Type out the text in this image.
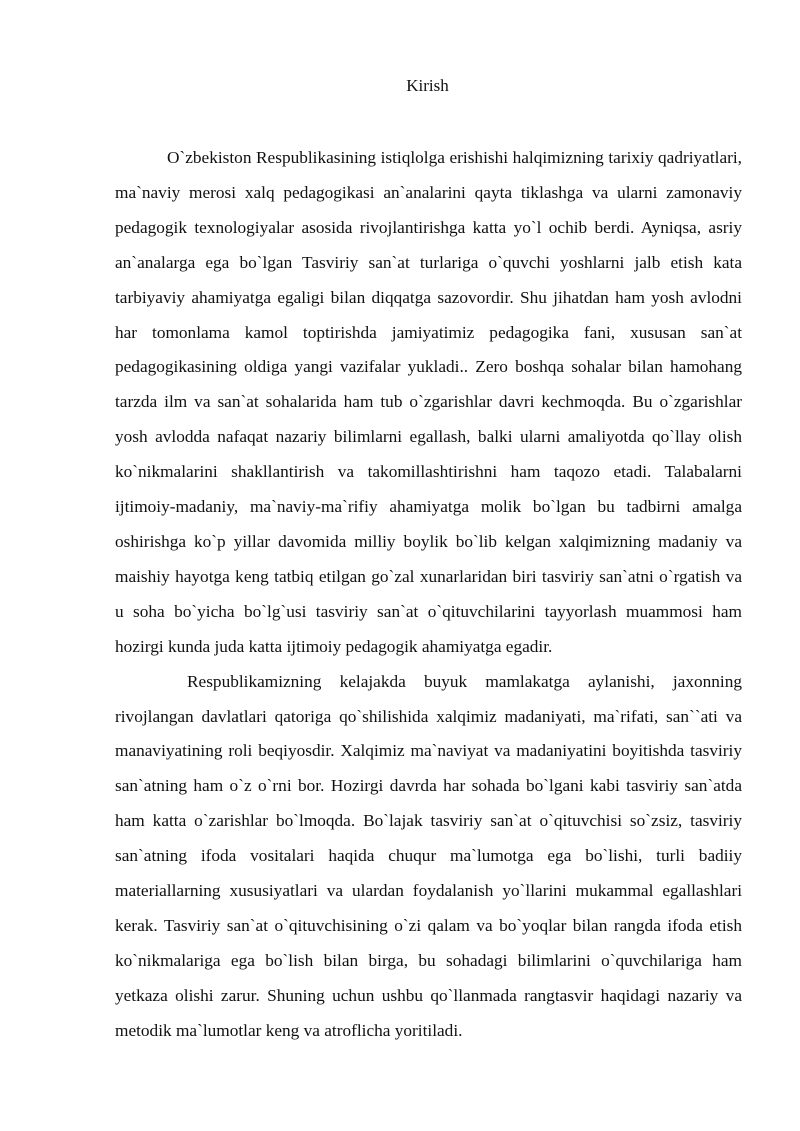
Kirish

O`zbekiston Respublikasining istiqlolga erishishi halqimizning tarixiy qadriyatlari, ma`naviy merosi xalq pedagogikasi an`analarini qayta tiklashga va ularni zamonaviy pedagogik texnologiyalar asosida rivojlantirishga katta yo`l ochib berdi. Ayniqsa, asriy an`analarga ega bo`lgan Tasviriy san`at turlariga o`quvchi yoshlarni jalb etish kata tarbiyaviy ahamiyatga egaligi bilan diqqatga sazovordir. Shu jihatdan ham yosh avlodni har tomonlama kamol toptirishda jamiyatimiz pedagogika fani, xususan san`at pedagogikasining oldiga yangi vazifalar yukladi.. Zero boshqa sohalar bilan hamohang tarzda ilm va san`at sohalarida ham tub o`zgarishlar davri kechmoqda. Bu o`zgarishlar yosh avlodda nafaqat nazariy bilimlarni egallash, balki ularni amaliyotda qo`llay olish ko`nikmalarini shakllantirish va takomillashtirishni ham taqozo etadi. Talabalarni ijtimoiy-madaniy, ma`naviy-ma`rifiy ahamiyatga molik bo`lgan bu tadbirni amalga oshirishga ko`p yillar davomida milliy boylik bo`lib kelgan xalqimizning madaniy va maishiy hayotga keng tatbiq etilgan go`zal xunarlaridan biri tasviriy san`atni o`rgatish va u soha bo`yicha bo`lg`usi tasviriy san`at o`qituvchilarini tayyorlash muammosi ham hozirgi kunda juda katta ijtimoiy pedagogik ahamiyatga egadir.

Respublikamizning kelajakda buyuk mamlakatga aylanishi, jaxonning rivojlangan davlatlari qatoriga qo`shilishida xalqimiz madaniyati, ma`rifati, san``ati va manaviyatining roli beqiyosdir. Xalqimiz ma`naviyat va madaniyatini boyitishda tasviriy san`atning ham o`z o`rni bor. Hozirgi davrda har sohada bo`lgani kabi tasviriy san`atda ham katta o`zarishlar bo`lmoqda. Bo`lajak tasviriy san`at o`qituvchisi so`zsiz, tasviriy san`atning ifoda vositalari haqida chuqur ma`lumotga ega bo`lishi, turli badiiy materiallarning xususiyatlari va ulardan foydalanish yo`llarini mukammal egallashlari kerak. Tasviriy san`at o`qituvchisining o`zi qalam va bo`yoqlar bilan rangda ifoda etish ko`nikmalariga ega bo`lish bilan birga, bu sohadagi bilimlarini o`quvchilariga ham yetkaza olishi zarur. Shuning uchun ushbu qo`llanmada rangtasvir haqidagi nazariy va metodik ma`lumotlar keng va atroflicha yoritiladi.
